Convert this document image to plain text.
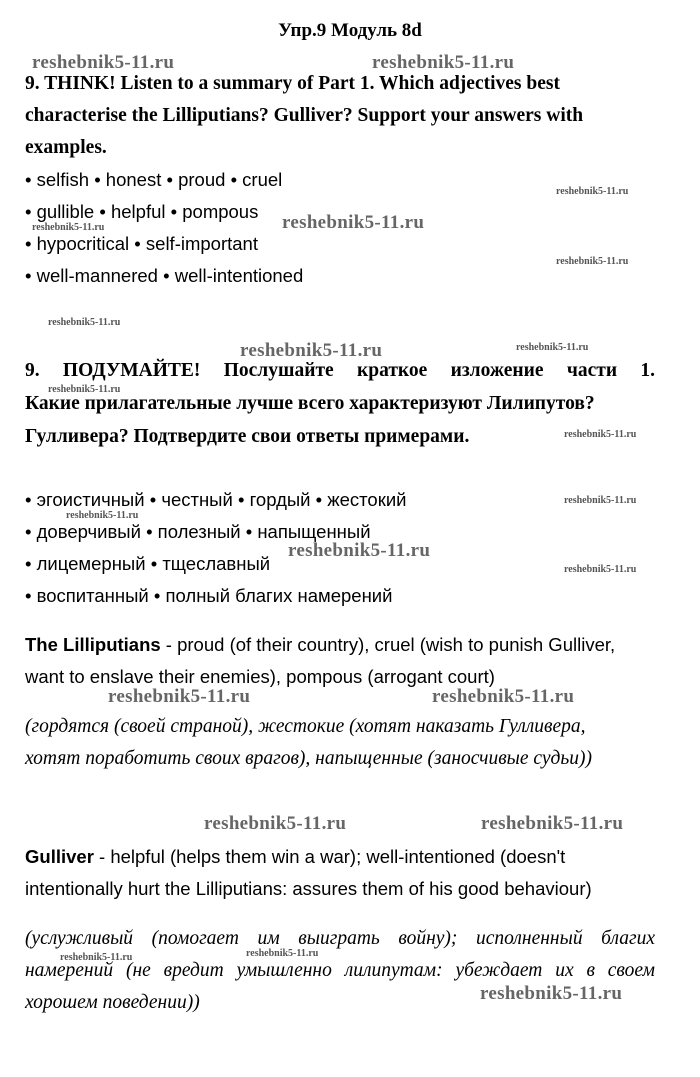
Упр.9 Модуль 8d
9. THINK! Listen to a summary of Part 1. Which adjectives best
characterise the Lilliputians? Gulliver? Support your answers with
examples.
• selfish • honest • proud • cruel
• gullible • helpful • pompous
• hypocritical • self-important
• well-mannered • well-intentioned
9. ПОДУМАЙТЕ! Послушайте краткое изложение части 1.
Какие прилагательные лучше всего характеризуют Лилипутов?
Гулливера? Подтвердите свои ответы примерами.
• эгоистичный • честный • гордый • жестокий
• доверчивый • полезный • напыщенный
• лицемерный • тщеславный
• воспитанный • полный благих намерений
The Lilliputians - proud (of their country), cruel (wish to punish Gulliver,
want to enslave their enemies), pompous (arrogant court)
(гордятся (своей страной), жестокие (хотят наказать Гулливера,
хотят поработить своих врагов), напыщенные (заносчивые судьи))
Gulliver - helpful (helps them win a war); well-intentioned (doesn't
intentionally hurt the Lilliputians: assures them of his good behaviour)
(услужливый (помогает им выиграть войну); исполненный благих
намерений (не вредит умышленно лилипутам: убеждает их в своем
хорошем поведении))
reshebnik5-11.ru	reshebnik5-11.ru
reshebnik5-11.ru
reshebnik5-11.ru
reshebnik5-11.ru
reshebnik5-11.ru	reshebnik5-11.ru
reshebnik5-11.ru	reshebnik5-11.ru
reshebnik5-11.ru
reshebnik5-11.ru
reshebnik5-11.ru
reshebnik5-11.ru
reshebnik5-11.ru
reshebnik5-11.ru
reshebnik5-11.ru
reshebnik5-11.ru
reshebnik5-11.ru
reshebnik5-11.ru
reshebnik5-11.ru
reshebnik5-11.ru	reshebnik5-11.ru
